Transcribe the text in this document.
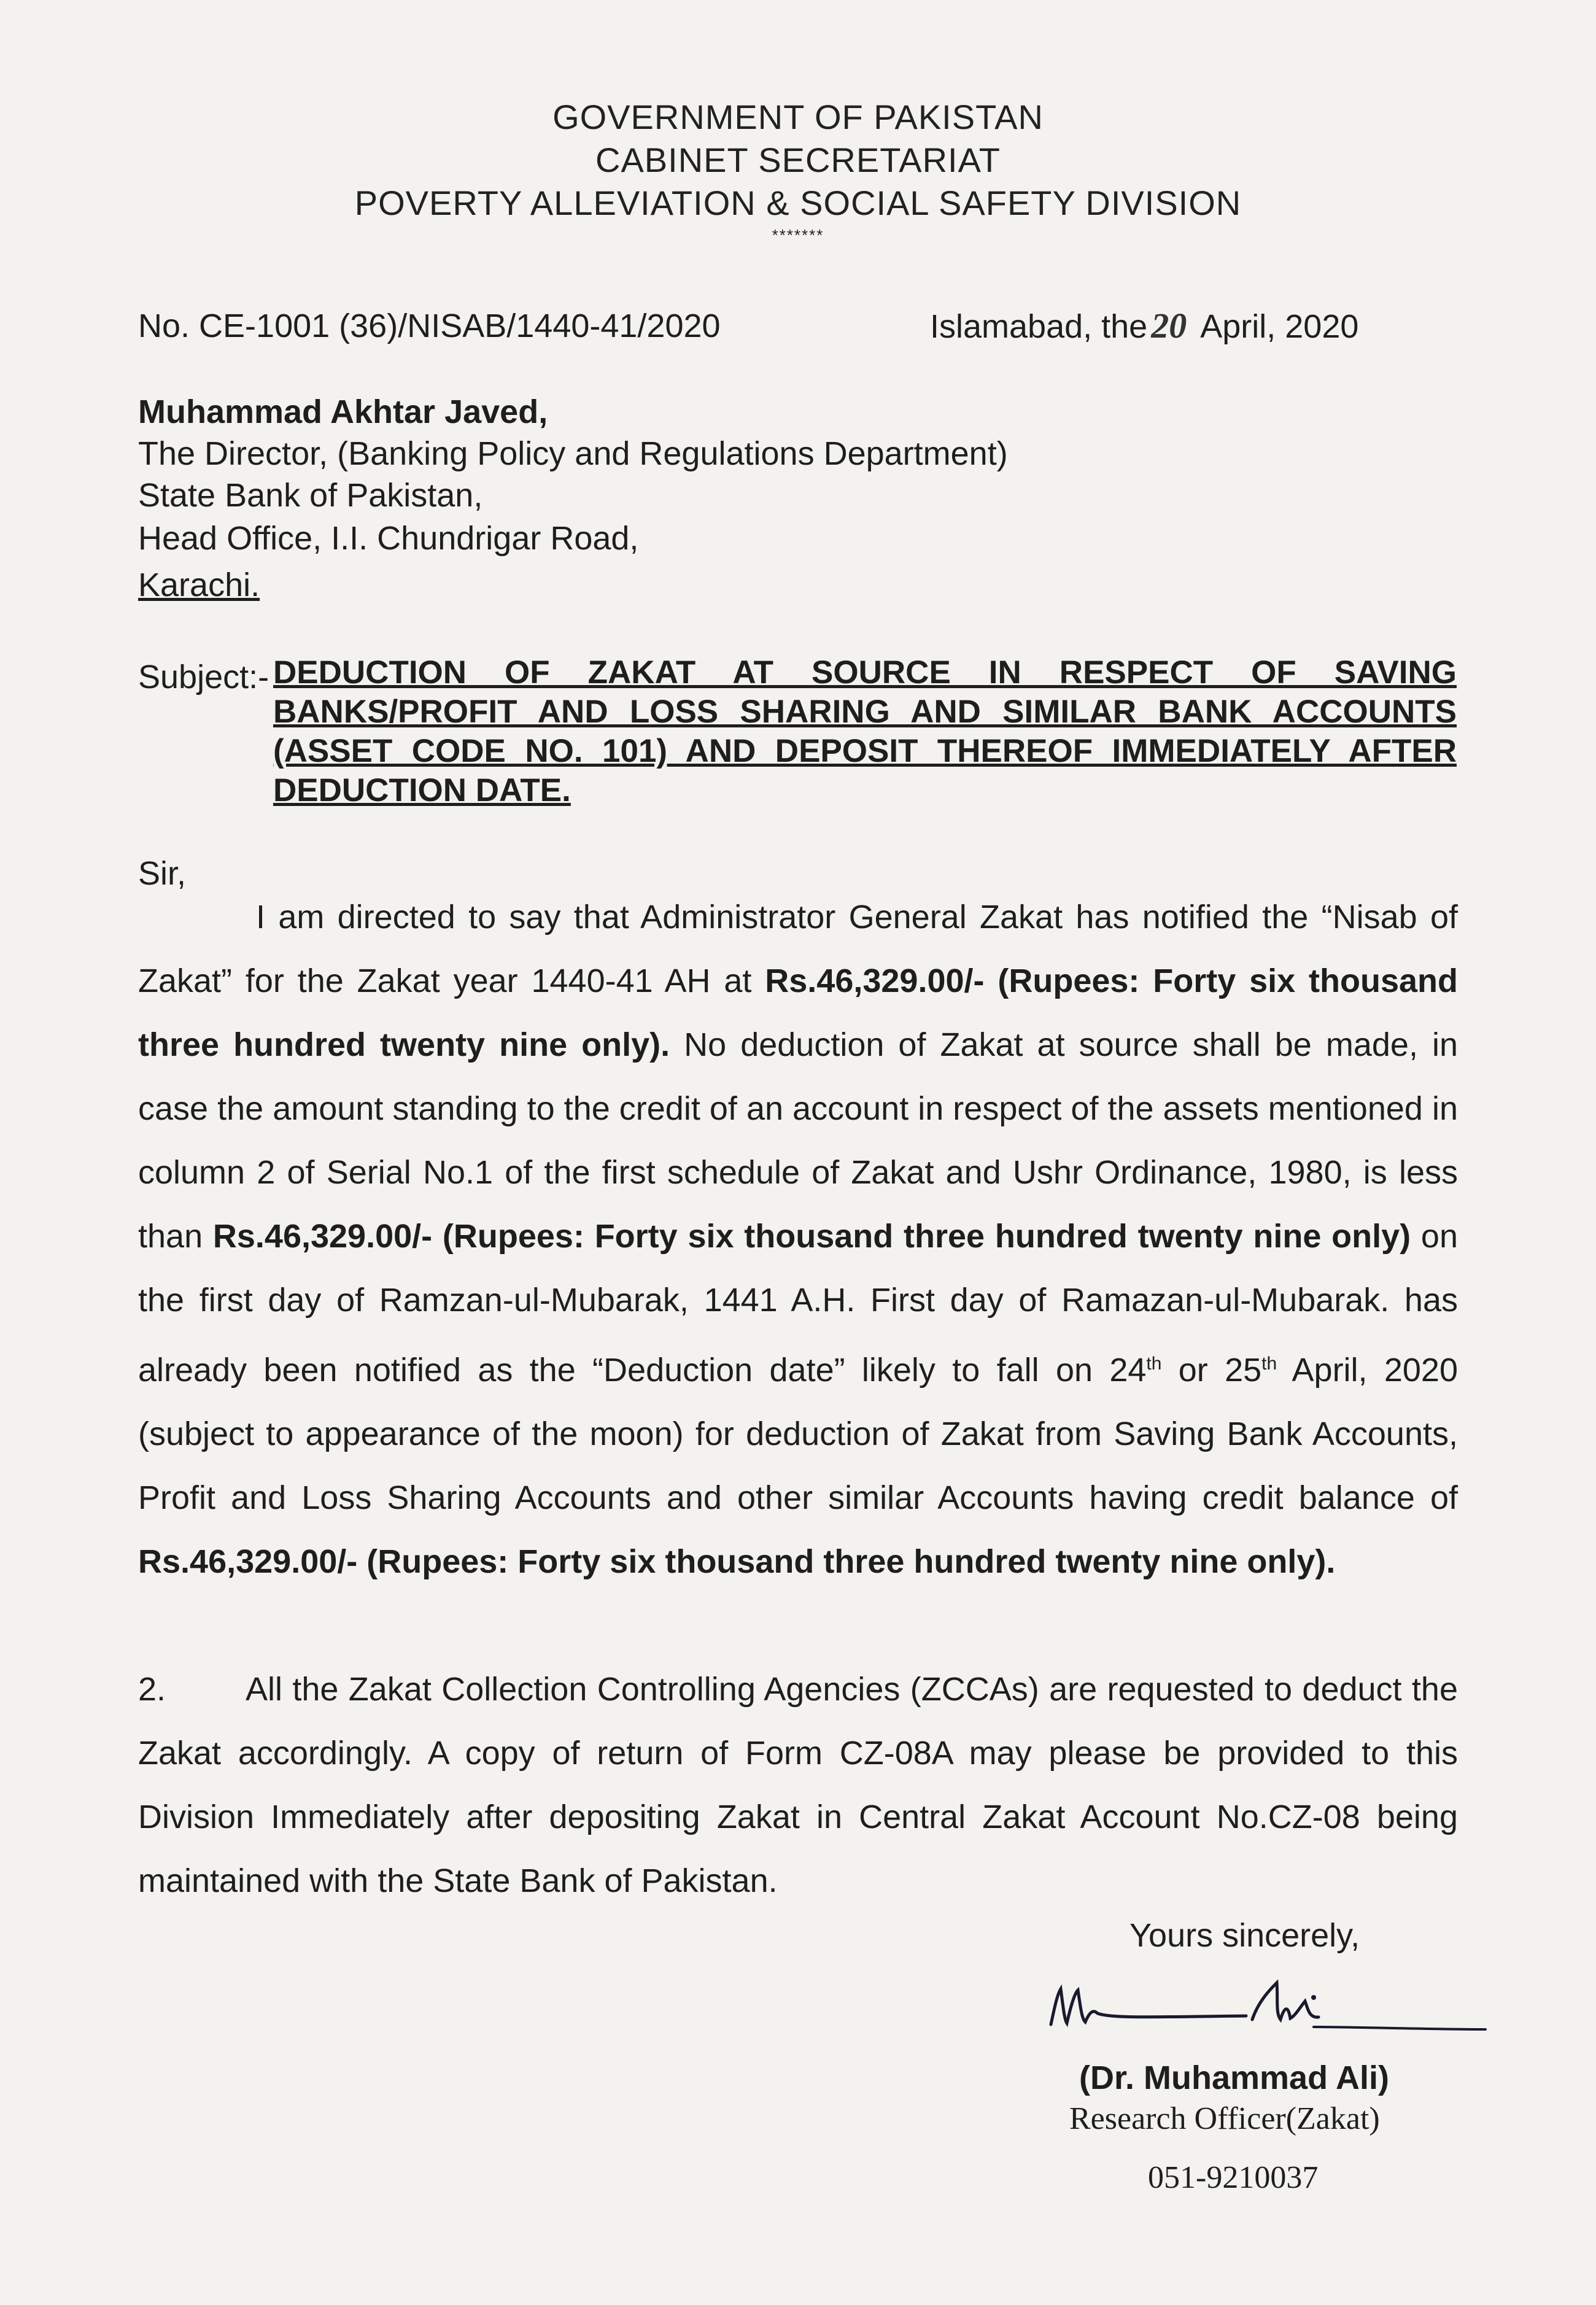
GOVERNMENT OF PAKISTAN
CABINET SECRETARIAT
POVERTY ALLEVIATION & SOCIAL SAFETY DIVISION
*******
No. CE-1001 (36)/NISAB/1440-41/2020	Islamabad, the 20 April, 2020
Muhammad Akhtar Javed,
The Director, (Banking Policy and Regulations Department)
State Bank of Pakistan,
Head Office, I.I. Chundrigar Road,
Karachi.
Subject:- DEDUCTION OF ZAKAT AT SOURCE IN RESPECT OF SAVING BANKS/PROFIT AND LOSS SHARING AND SIMILAR BANK ACCOUNTS (ASSET CODE NO. 101) AND DEPOSIT THEREOF IMMEDIATELY AFTER DEDUCTION DATE.
Sir,
I am directed to say that Administrator General Zakat has notified the “Nisab of Zakat” for the Zakat year 1440-41 AH at Rs.46,329.00/- (Rupees: Forty six thousand three hundred twenty nine only). No deduction of Zakat at source shall be made, in case the amount standing to the credit of an account in respect of the assets mentioned in column 2 of Serial No.1 of the first schedule of Zakat and Ushr Ordinance, 1980, is less than Rs.46,329.00/- (Rupees: Forty six thousand three hundred twenty nine only) on the first day of Ramzan-ul-Mubarak, 1441 A.H. First day of Ramazan-ul-Mubarak. has already been notified as the “Deduction date” likely to fall on 24th or 25th April, 2020 (subject to appearance of the moon) for deduction of Zakat from Saving Bank Accounts, Profit and Loss Sharing Accounts and other similar Accounts having credit balance of Rs.46,329.00/- (Rupees: Forty six thousand three hundred twenty nine only).
2. All the Zakat Collection Controlling Agencies (ZCCAs) are requested to deduct the Zakat accordingly. A copy of return of Form CZ-08A may please be provided to this Division Immediately after depositing Zakat in Central Zakat Account No.CZ-08 being maintained with the State Bank of Pakistan.
Yours sincerely,
(Dr. Muhammad Ali)
Research Officer(Zakat)
051-9210037
